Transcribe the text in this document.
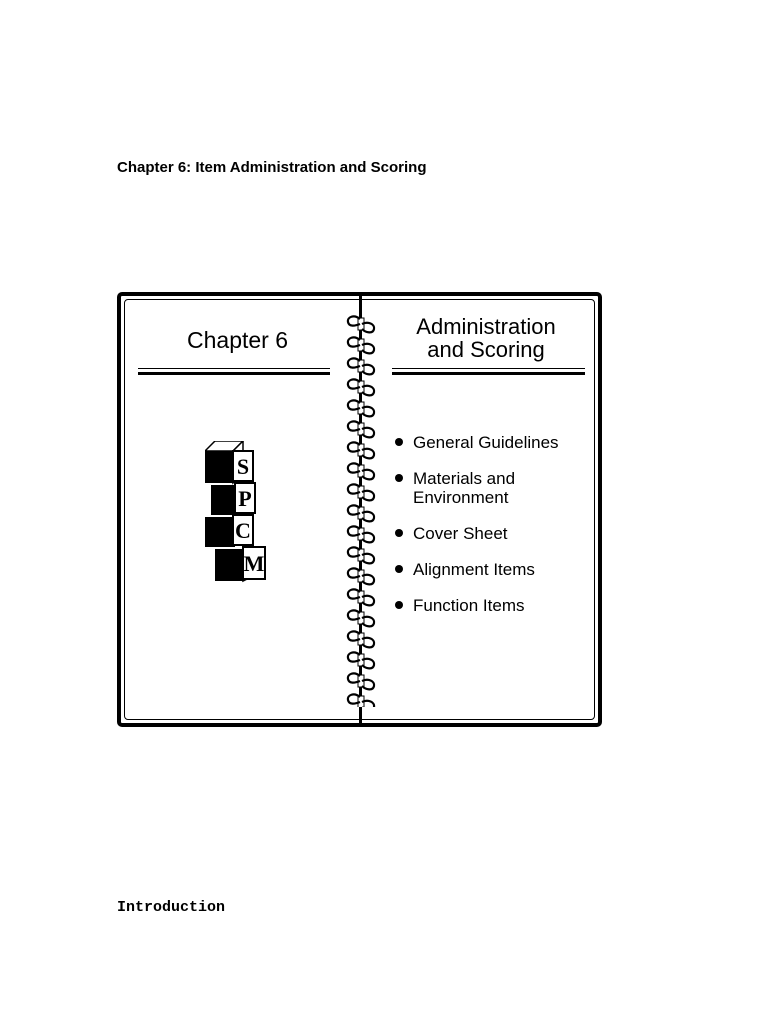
Chapter 6: Item Administration and Scoring
Chapter 6
S
P
C
M
Administration
and Scoring
General Guidelines
Materials and
Environment
Cover Sheet
Alignment Items
Function Items
Introduction
